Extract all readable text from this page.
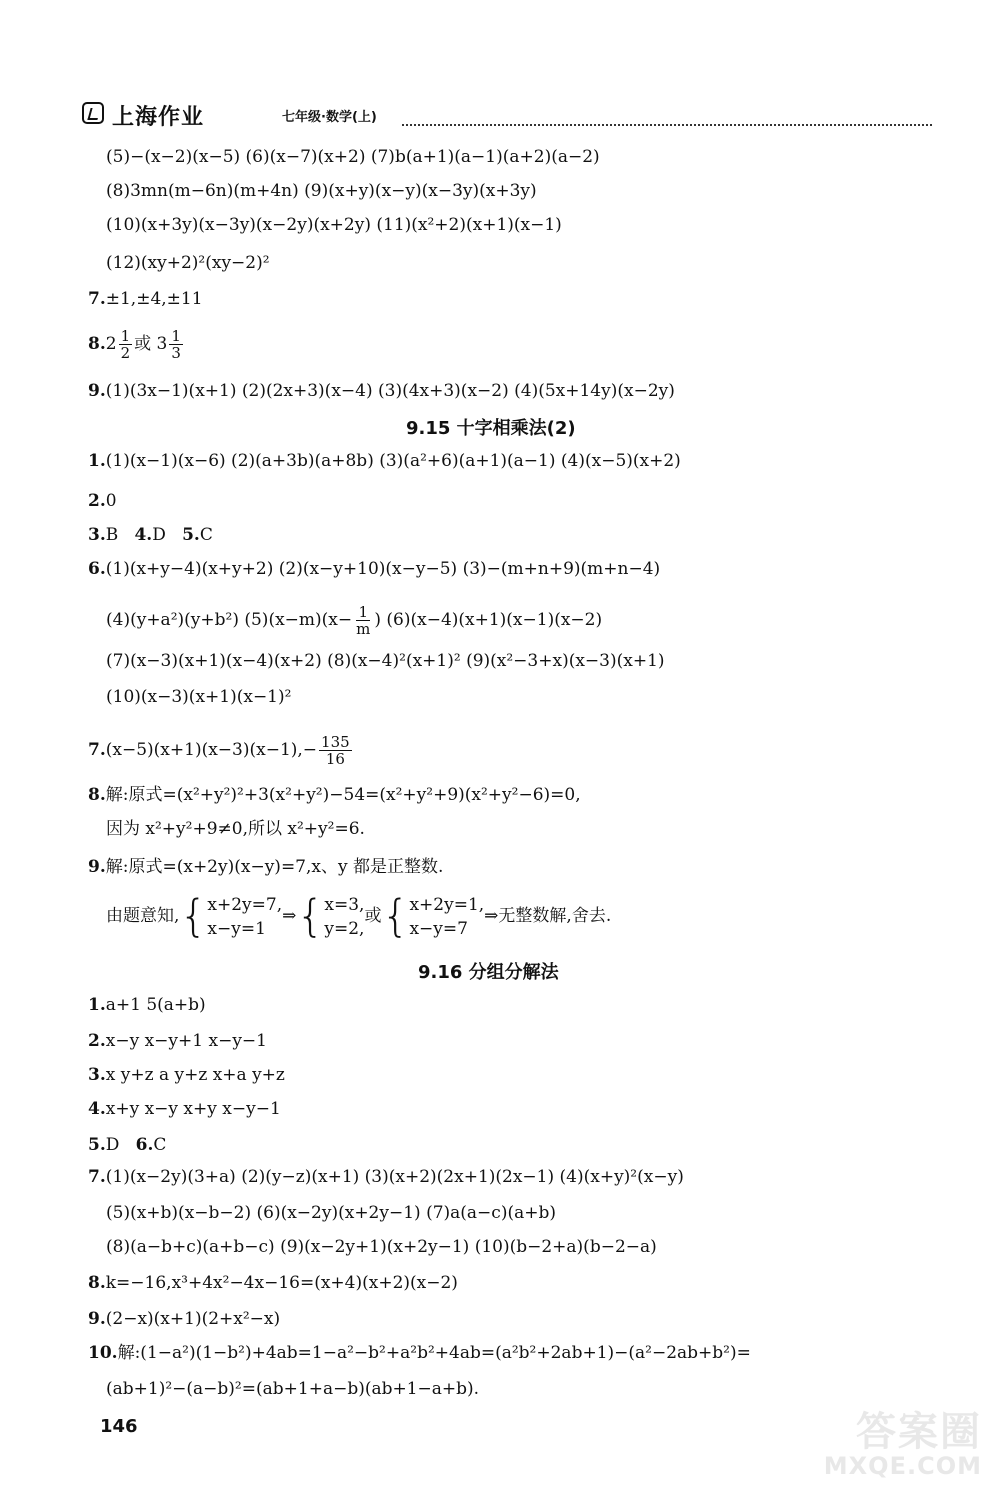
上海作业	七年级·数学(上)
(5)−(x−2)(x−5) (6)(x−7)(x+2) (7)b(a+1)(a−1)(a+2)(a−2)
(8)3mn(m−6n)(m+4n) (9)(x+y)(x−y)(x−3y)(x+3y)
(10)(x+3y)(x−3y)(x−2y)(x+2y) (11)(x²+2)(x+1)(x−1)
(12)(xy+2)²(xy−2)²
7.±1,±4,±11
$8.2 \frac{1}{2}$ 或 $3 \frac{1}{3}$
9.(1)(3x−1)(x+1) (2)(2x+3)(x−4) (3)(4x+3)(x−2) (4)(5x+14y)(x−2y)
9.15 十字相乘法(2)
1.(1)(x−1)(x−6) (2)(a+3b)(a+8b) (3)(a²+6)(a+1)(a−1) (4)(x−5)(x+2)
2.0
3.B 4.D 5.C
6.(1)(x+y−4)(x+y+2) (2)(x−y+10)(x−y−5) (3)−(m+n+9)(m+n−4)
(4)(y+a²)(y+b²) $(5)(x-m)(x- \frac{1}{m}$ ) (6)(x−4)(x+1)(x−1)(x−2)
(7)(x−3)(x+1)(x−4)(x+2) (8)(x−4)²(x+1)² (9)(x²−3+x)(x−3)(x+1)
(10)(x−3)(x+1)(x−1)²
$7.(x-5)(x+1)(x-3)(x-1),- \frac{135}{16}$
8.解:原式=(x²+y²)²+3(x²+y²)−54=(x²+y²+9)(x²+y²−6)=0,
因为 x²+y²+9≠0,所以 x²+y²=6.
9.解:原式=(x+2y)(x−y)=7,x、y 都是正整数.
由题意知,{ x+2y=7,
x−y=1
⇒{ x=3,
y=2,
或{ x+2y=1,
x−y=7
⇒无整数解,舍去.
9.16 分组分解法
1.a+1 5(a+b)
2.x−y x−y+1 x−y−1
3.x y+z a y+z x+a y+z
4.x+y x−y x+y x−y−1
5.D 6.C
7.(1)(x−2y)(3+a) (2)(y−z)(x+1) (3)(x+2)(2x+1)(2x−1) (4)(x+y)²(x−y)
(5)(x+b)(x−b−2) (6)(x−2y)(x+2y−1) (7)a(a−c)(a+b)
(8)(a−b+c)(a+b−c) (9)(x−2y+1)(x+2y−1) (10)(b−2+a)(b−2−a)
8.k=−16,x³+4x²−4x−16=(x+4)(x+2)(x−2)
9.(2−x)(x+1)(2+x²−x)
10.解:(1−a²)(1−b²)+4ab=1−a²−b²+a²b²+4ab=(a²b²+2ab+1)−(a²−2ab+b²)=
(ab+1)²−(a−b)²=(ab+1+a−b)(ab+1−a+b).
146	答案圈
MXQE.COM
